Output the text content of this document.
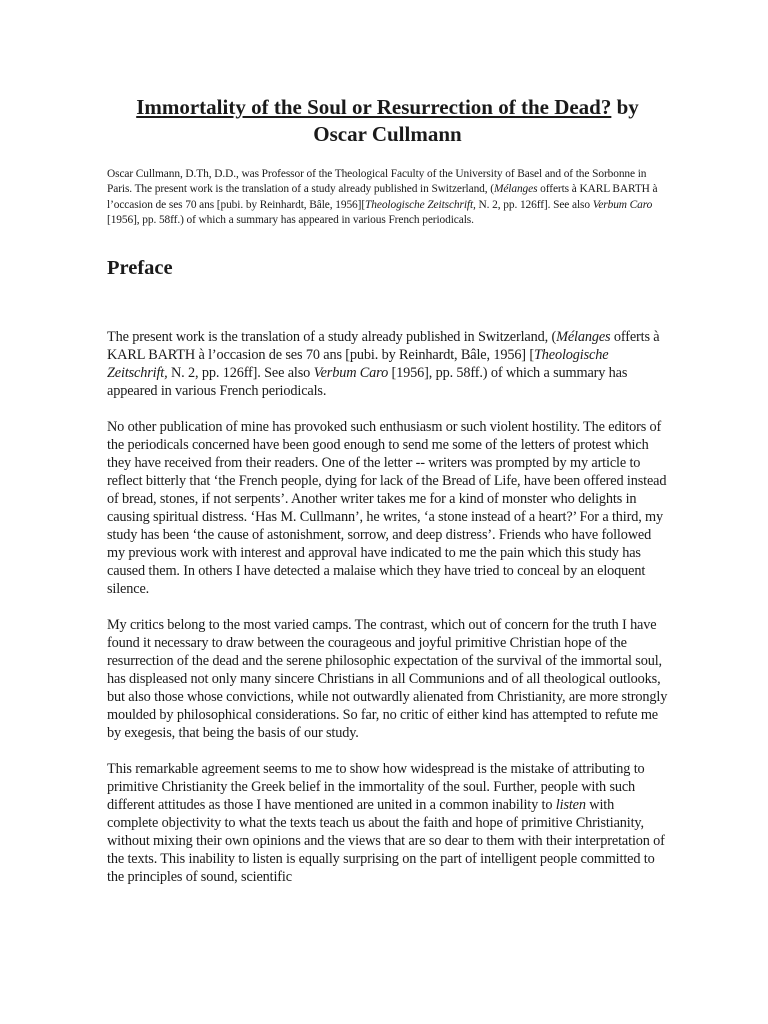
Immortality of the Soul or Resurrection of the Dead? by Oscar Cullmann

Oscar Cullmann, D.Th, D.D., was Professor of the Theological Faculty of the University of Basel and of the Sorbonne in Paris. The present work is the translation of a study already published in Switzerland, (Mélanges offerts à KARL BARTH à l’occasion de ses 70 ans [pubi. by Reinhardt, Bâle, 1956][Theologische Zeitschrift, N. 2, pp. 126ff]. See also Verbum Caro [1956], pp. 58ff.) of which a summary has appeared in various French periodicals.

Preface

The present work is the translation of a study already published in Switzerland, (Mélanges offerts à KARL BARTH à l’occasion de ses 70 ans [pubi. by Reinhardt, Bâle, 1956] [Theologische Zeitschrift, N. 2, pp. 126ff]. See also Verbum Caro [1956], pp. 58ff.) of which a summary has appeared in various French periodicals.

No other publication of mine has provoked such enthusiasm or such violent hostility. The editors of the periodicals concerned have been good enough to send me some of the letters of protest which they have received from their readers. One of the letter -- writers was prompted by my article to reflect bitterly that ‘the French people, dying for lack of the Bread of Life, have been offered instead of bread, stones, if not serpents’. Another writer takes me for a kind of monster who delights in causing spiritual distress. ‘Has M. Cullmann’, he writes, ‘a stone instead of a heart?’ For a third, my study has been ‘the cause of astonishment, sorrow, and deep distress’. Friends who have followed my previous work with interest and approval have indicated to me the pain which this study has caused them. In others I have detected a malaise which they have tried to conceal by an eloquent silence.

My critics belong to the most varied camps. The contrast, which out of concern for the truth I have found it necessary to draw between the courageous and joyful primitive Christian hope of the resurrection of the dead and the serene philosophic expectation of the survival of the immortal soul, has displeased not only many sincere Christians in all Communions and of all theological outlooks, but also those whose convictions, while not outwardly alienated from Christianity, are more strongly moulded by philosophical considerations. So far, no critic of either kind has attempted to refute me by exegesis, that being the basis of our study.

This remarkable agreement seems to me to show how widespread is the mistake of attributing to primitive Christianity the Greek belief in the immortality of the soul. Further, people with such different attitudes as those I have mentioned are united in a common inability to listen with complete objectivity to what the texts teach us about the faith and hope of primitive Christianity, without mixing their own opinions and the views that are so dear to them with their interpretation of the texts. This inability to listen is equally surprising on the part of intelligent people committed to the principles of sound, scientific
